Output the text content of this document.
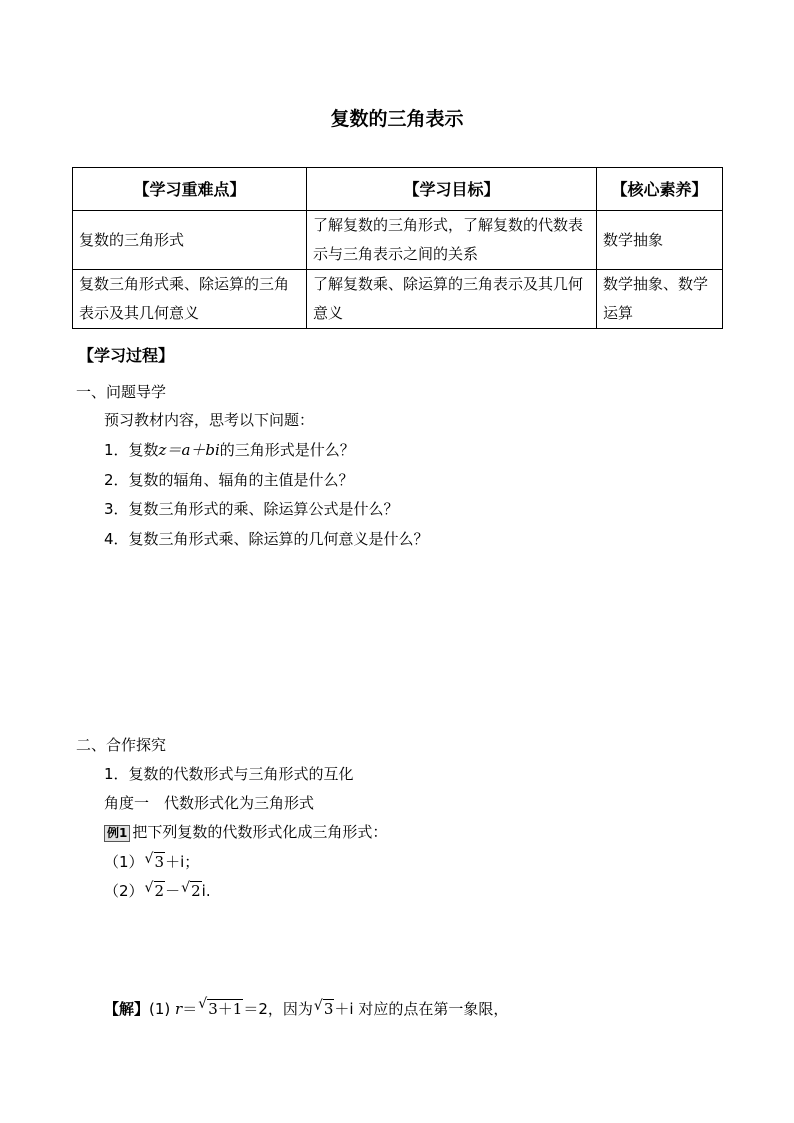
复数的三角表示
【学习重难点】	【学习目标】	【核心素养】
复数的三角形式	了解复数的三角形式，了解复数的代数表示与三角表示之间的关系	数学抽象
复数三角形式乘、除运算的三角表示及其几何意义	了解复数乘、除运算的三角表示及其几何意义	数学抽象、数学运算
【学习过程】
一、问题导学
预习教材内容，思考以下问题：
1．复数z＝a＋bi的三角形式是什么？
2．复数的辐角、辐角的主值是什么？
3．复数三角形式的乘、除运算公式是什么？
4．复数三角形式乘、除运算的几何意义是什么？
二、合作探究
1．复数的代数形式与三角形式的互化
角度一　代数形式化为三角形式
例1 把下列复数的代数形式化成三角形式：
（1） √ 3＋i；
（2） √ 2－ √ 2i.
【解】(1) r＝ √ 3＋1＝2，因为 √ 3＋i 对应的点在第一象限，
